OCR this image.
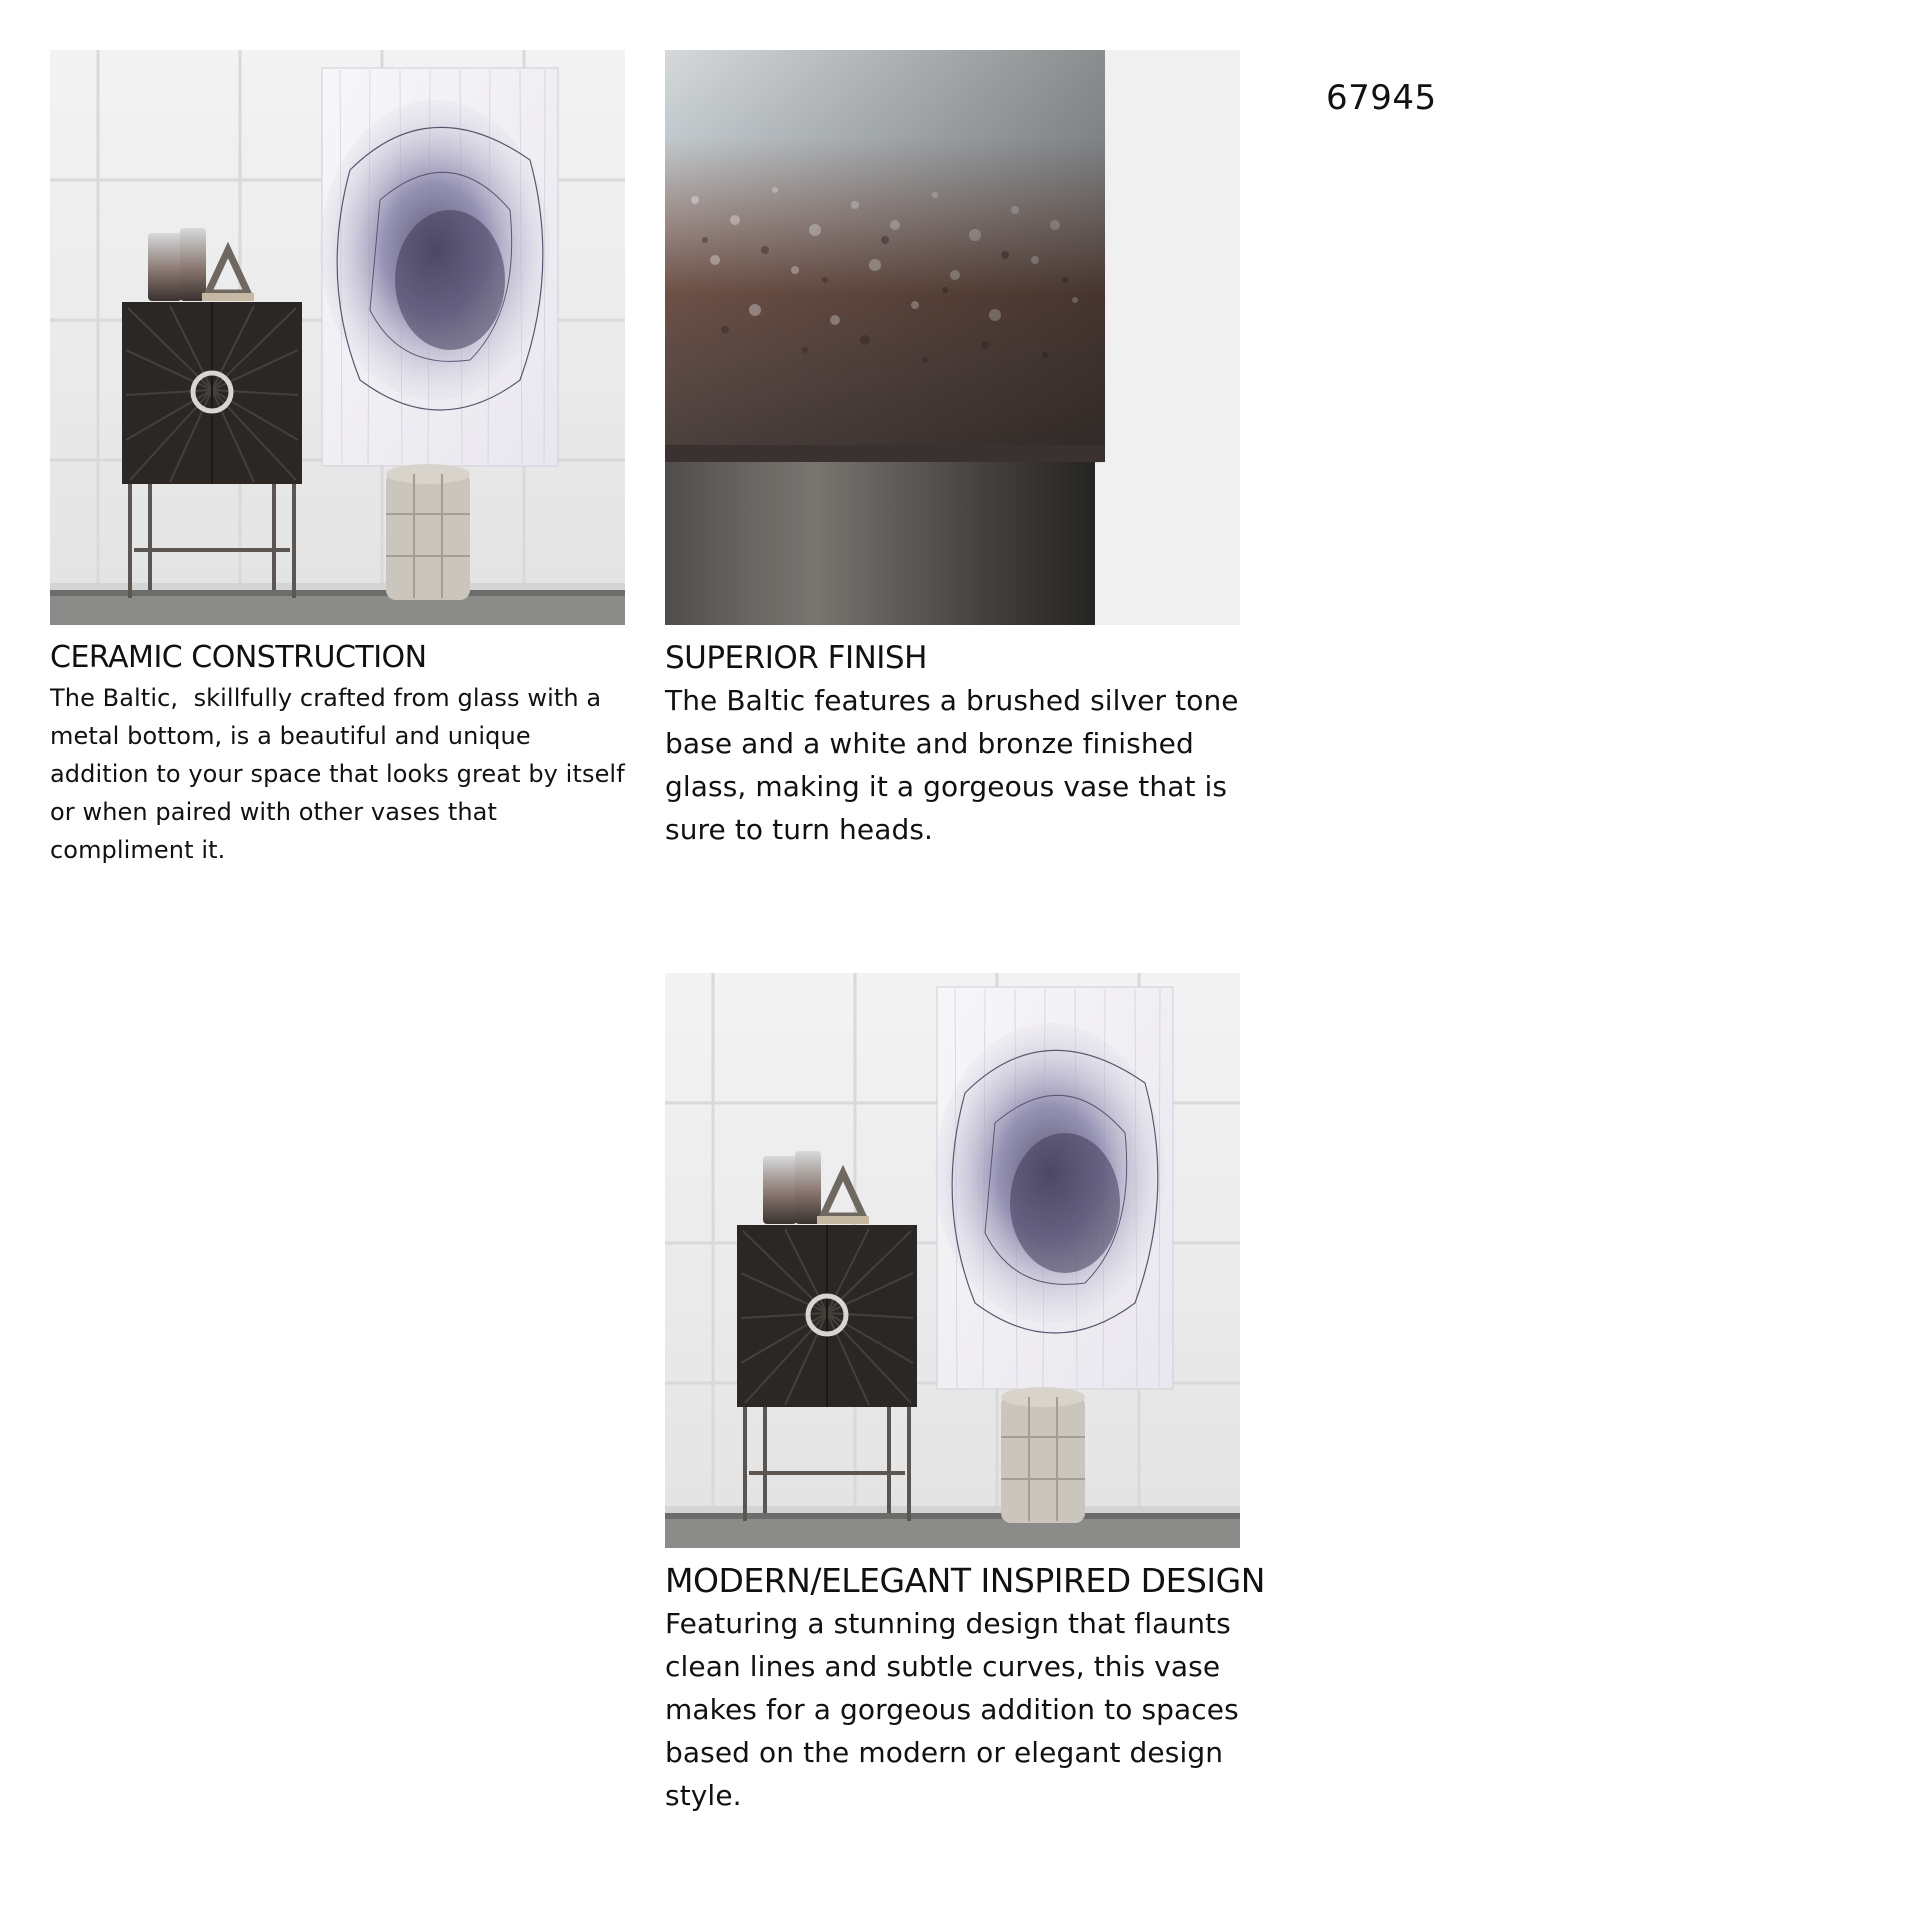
67945
CERAMIC CONSTRUCTION

The Baltic,  skillfully crafted from glass with a metal bottom, is a beautiful and unique addition to your space that looks great by itself or when paired with other vases that compliment it.

SUPERIOR FINISH

The Baltic features a brushed silver tone base and a white and bronze finished glass, making it a gorgeous vase that is sure to turn heads.

MODERN/ELEGANT INSPIRED DESIGN

Featuring a stunning design that flaunts clean lines and subtle curves, this vase makes for a gorgeous addition to spaces based on the modern or elegant design style.
